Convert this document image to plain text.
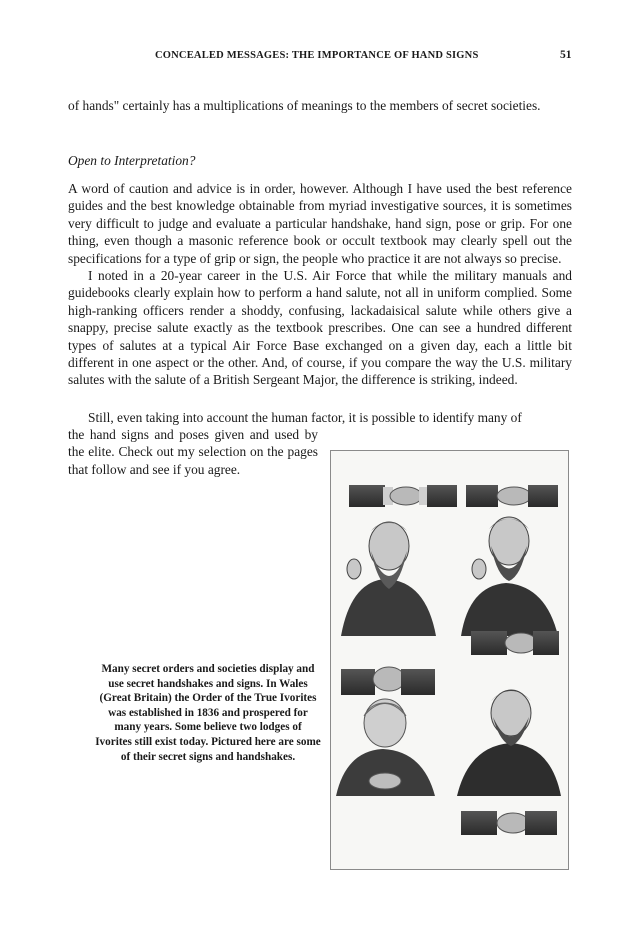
CONCEALED MESSAGES: THE IMPORTANCE OF HAND SIGNS	51

of hands" certainly has a multiplications of meanings to the members of secret societies.

Open to Interpretation?

A word of caution and advice is in order, however. Although I have used the best reference guides and the best knowledge obtainable from myriad investigative sources, it is sometimes very difficult to judge and evaluate a particular handshake, hand sign, pose or grip. For one thing, even though a masonic reference book or occult textbook may clearly spell out the specifications for a type of grip or sign, the people who practice it are not always so precise.

I noted in a 20-year career in the U.S. Air Force that while the military manuals and guidebooks clearly explain how to perform a hand salute, not all in uniform complied. Some high-ranking officers render a shoddy, confusing, lackadaisical salute while others give a snappy, precise salute exactly as the textbook prescribes. One can see a hundred different types of salutes at a typical Air Force Base exchanged on a given day, each a little bit different in one aspect or the other. And, of course, if you compare the way the U.S. military salutes with the salute of a British Sergeant Major, the difference is striking, indeed.

Still, even taking into account the human factor, it is possible to identify many of

the hand signs and poses given and used by the elite. Check out my selection on the pages that follow and see if you agree.

Many secret orders and societies display and use secret handshakes and signs. In Wales (Great Britain) the Order of the True Ivorites was established in 1836 and prospered for many years. Some believe two lodges of Ivorites still exist today. Pictured here are some of their secret signs and handshakes.
